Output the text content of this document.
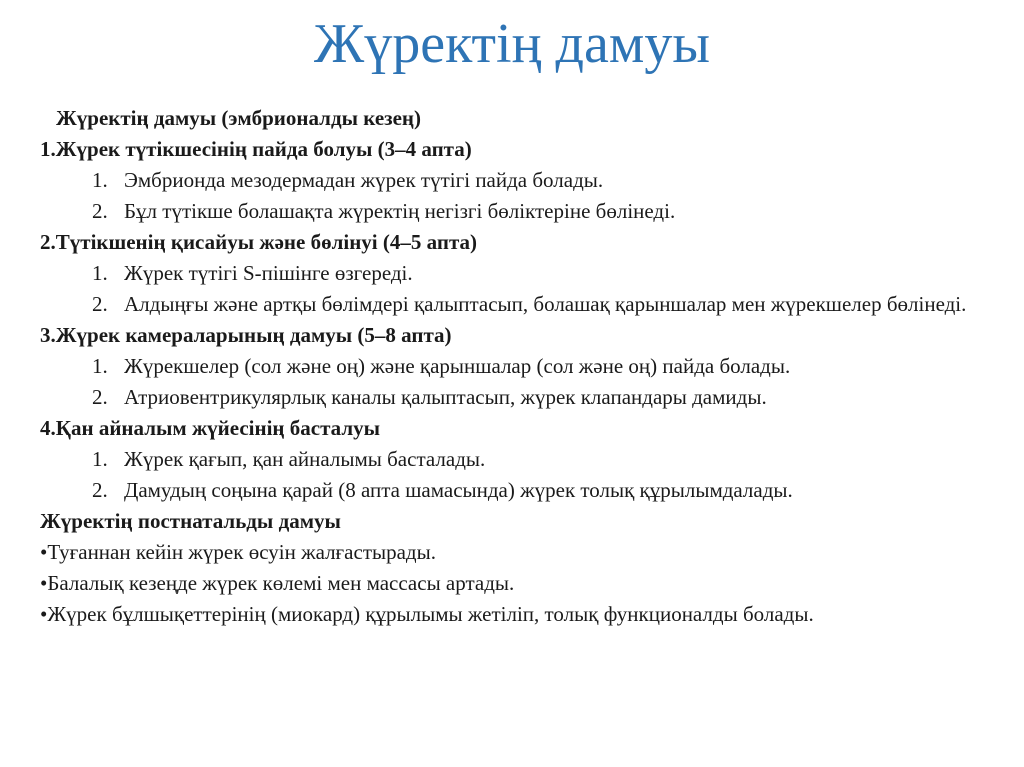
Жүректің дамуы
Жүректің дамуы (эмбрионалды кезең)
1.Жүрек түтікшесінің пайда болуы (3–4 апта)
1. Эмбрионда мезодермадан жүрек түтігі пайда болады.
2. Бұл түтікше болашақта жүректің негізгі бөліктеріне бөлінеді.
2.Түтікшенің қисайуы және бөлінуі (4–5 апта)
1. Жүрек түтігі S-пішінге өзгереді.
2. Алдыңғы және артқы бөлімдері қалыптасып, болашақ қарыншалар мен жүрекшелер бөлінеді.
3.Жүрек камераларының дамуы (5–8 апта)
1. Жүрекшелер (сол және оң) және қарыншалар (сол және оң) пайда болады.
2. Атриовентрикулярлық каналы қалыптасып, жүрек клапандары дамиды.
4.Қан айналым жүйесінің басталуы
1. Жүрек қағып, қан айналымы басталады.
2. Дамудың соңына қарай (8 апта шамасында) жүрек толық құрылымдалады.
Жүректің постнатальды дамуы
•Туғаннан кейін жүрек өсуін жалғастырады.
•Балалық кезеңде жүрек көлемі мен массасы артады.
•Жүрек бұлшықеттерінің (миокард) құрылымы жетіліп, толық функционалды болады.
